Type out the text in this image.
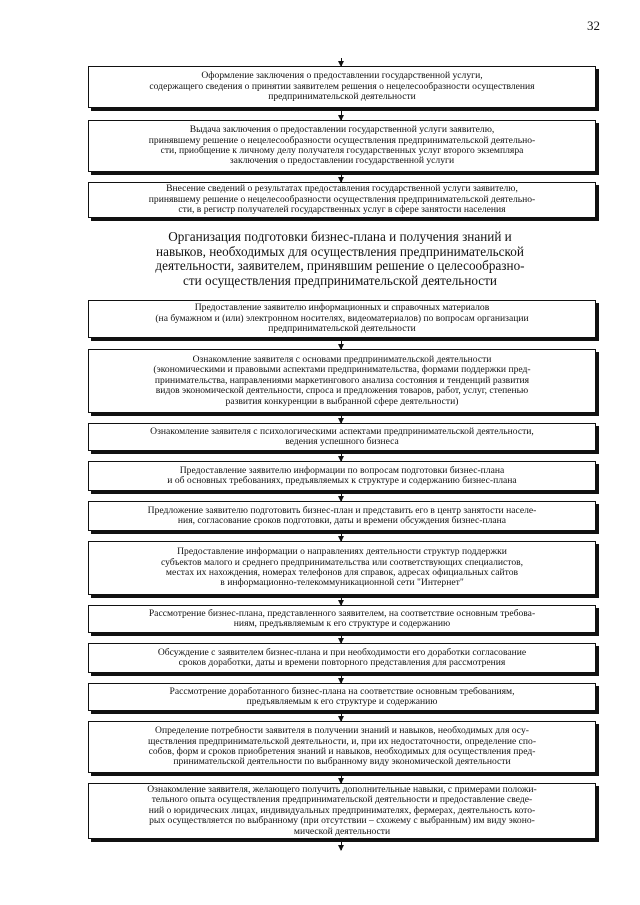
32
Оформление заключения о предоставлении государственной услуги,
содержащего сведения о принятии заявителем решения о нецелесообразности осуществления
предпринимательской деятельности
Выдача заключения о предоставлении государственной услуги заявителю,
принявшему решение о нецелесообразности осуществления предпринимательской деятельно-
сти, приобщение к личному делу получателя государственных услуг второго экземпляра
заключения о предоставлении государственной услуги
Внесение сведений о результатах предоставления государственной услуги заявителю,
принявшему решение о нецелесообразности осуществления предпринимательской деятельно-
сти, в регистр получателей государственных услуг в сфере занятости населения
Организация подготовки бизнес-плана и получения знаний и
навыков, необходимых для осуществления предпринимательской
деятельности, заявителем, принявшим решение о целесообразно-
сти осуществления предпринимательской деятельности
Предоставление заявителю информационных и справочных материалов
(на бумажном и (или) электронном носителях, видеоматериалов) по вопросам организации
предпринимательской деятельности
Ознакомление заявителя с основами предпринимательской деятельности
(экономическими и правовыми аспектами предпринимательства, формами поддержки пред-
принимательства, направлениями маркетингового анализа состояния и тенденций развития
видов экономической деятельности, спроса и предложения товаров, работ, услуг, степенью
развития конкуренции в выбранной сфере деятельности)
Ознакомление заявителя с психологическими аспектами предпринимательской деятельности,
ведения успешного бизнеса
Предоставление заявителю информации по вопросам подготовки бизнес-плана
и об основных требованиях, предъявляемых к структуре и содержанию бизнес-плана
Предложение заявителю подготовить бизнес-план и представить его в центр занятости населе-
ния, согласование сроков подготовки, даты и времени обсуждения бизнес-плана
Предоставление информации о направлениях деятельности структур поддержки
субъектов малого и среднего предпринимательства или соответствующих специалистов,
местах их нахождения, номерах телефонов для справок, адресах официальных сайтов
в информационно-телекоммуникационной сети "Интернет"
Рассмотрение бизнес-плана, представленного заявителем, на соответствие основным требова-
ниям, предъявляемым к его структуре и содержанию
Обсуждение с заявителем бизнес-плана и при необходимости его доработки согласование
сроков доработки, даты и времени повторного представления для рассмотрения
Рассмотрение доработанного бизнес-плана на соответствие основным требованиям,
предъявляемым к его структуре и содержанию
Определение потребности заявителя в получении знаний и навыков, необходимых для осу-
ществления предпринимательской деятельности, и, при их недостаточности, определение спо-
собов, форм и сроков приобретения знаний и навыков, необходимых для осуществления пред-
принимательской деятельности по выбранному виду экономической деятельности
Ознакомление заявителя, желающего получить дополнительные навыки, с примерами положи-
тельного опыта осуществления предпринимательской деятельности и предоставление сведе-
ний о юридических лицах, индивидуальных предпринимателях, фермерах, деятельность кото-
рых осуществляется по выбранному (при отсутствии – схожему с выбранным) им виду эконо-
мической деятельности
